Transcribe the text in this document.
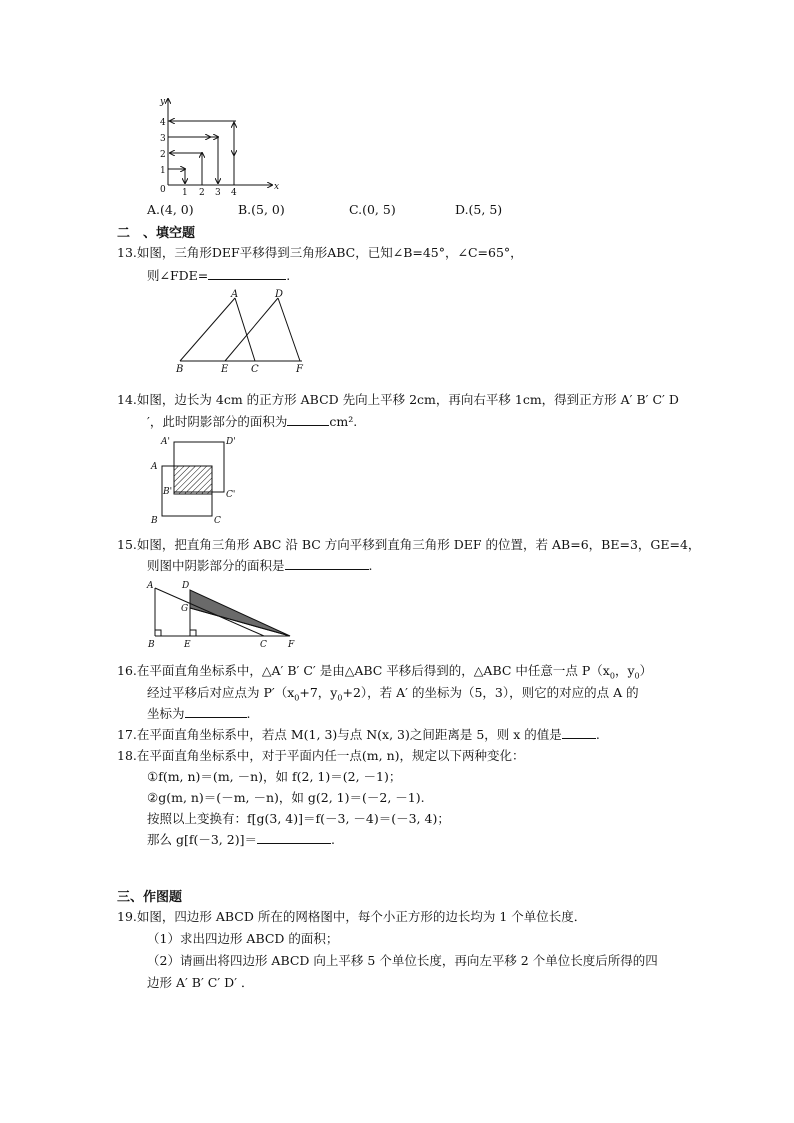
0 1 2 3 4
1
2
3
4
x
y
A.(4, 0)	B.(5, 0)	C.(0, 5)	D.(5, 5)
二　、填空题
13.如图，三角形DEF平移得到三角形ABC，已知∠B=45°，∠C=65°，
则∠FDE=	.
A	D
B	E C	F
14.如图，边长为 4cm 的正方形 ABCD 先向上平移 2cm，再向右平移 1cm，得到正方形 A′ B′ C′ D
′，此时阴影部分的面积为	cm².
A'	D'
A
B'	C'
B	C
15.如图，把直角三角形 ABC 沿 BC 方向平移到直角三角形 DEF 的位置，若 AB=6，BE=3，GE=4，
则图中阴影部分的面积是	.
A	D
G
B	E	C F
16.在平面直角坐标系中，△A′ B′ C′ 是由△ABC 平移后得到的，△ABC 中任意一点 $P(x_0$，$y_0$）
经过平移后对应点为 $P'(x_0+7$，$y_0+2$），若 A′ 的坐标为（5，3），则它的对应的点 A 的
坐标为	.
17.在平面直角坐标系中，若点 M(1, 3)与点 N(x, 3)之间距离是 5，则 x 的值是	.
18.在平面直角坐标系中，对于平面内任一点(m, n)，规定以下两种变化：
①f(m, n)＝(m, －n)，如 f(2, 1)＝(2, －1)；
②g(m, n)＝(－m, －n)，如 g(2, 1)＝(－2, －1).
按照以上变换有：f[g(3, 4)]＝f(－3, －4)＝(－3, 4)；
那么 g[f(－3, 2)]＝	.
三、作图题
19.如图，四边形 ABCD 所在的网格图中，每个小正方形的边长均为 1 个单位长度．
（1）求出四边形 ABCD 的面积；
（2）请画出将四边形 ABCD 向上平移 5 个单位长度，再向左平移 2 个单位长度后所得的四
边形 A′ B′ C′ D′ ．
